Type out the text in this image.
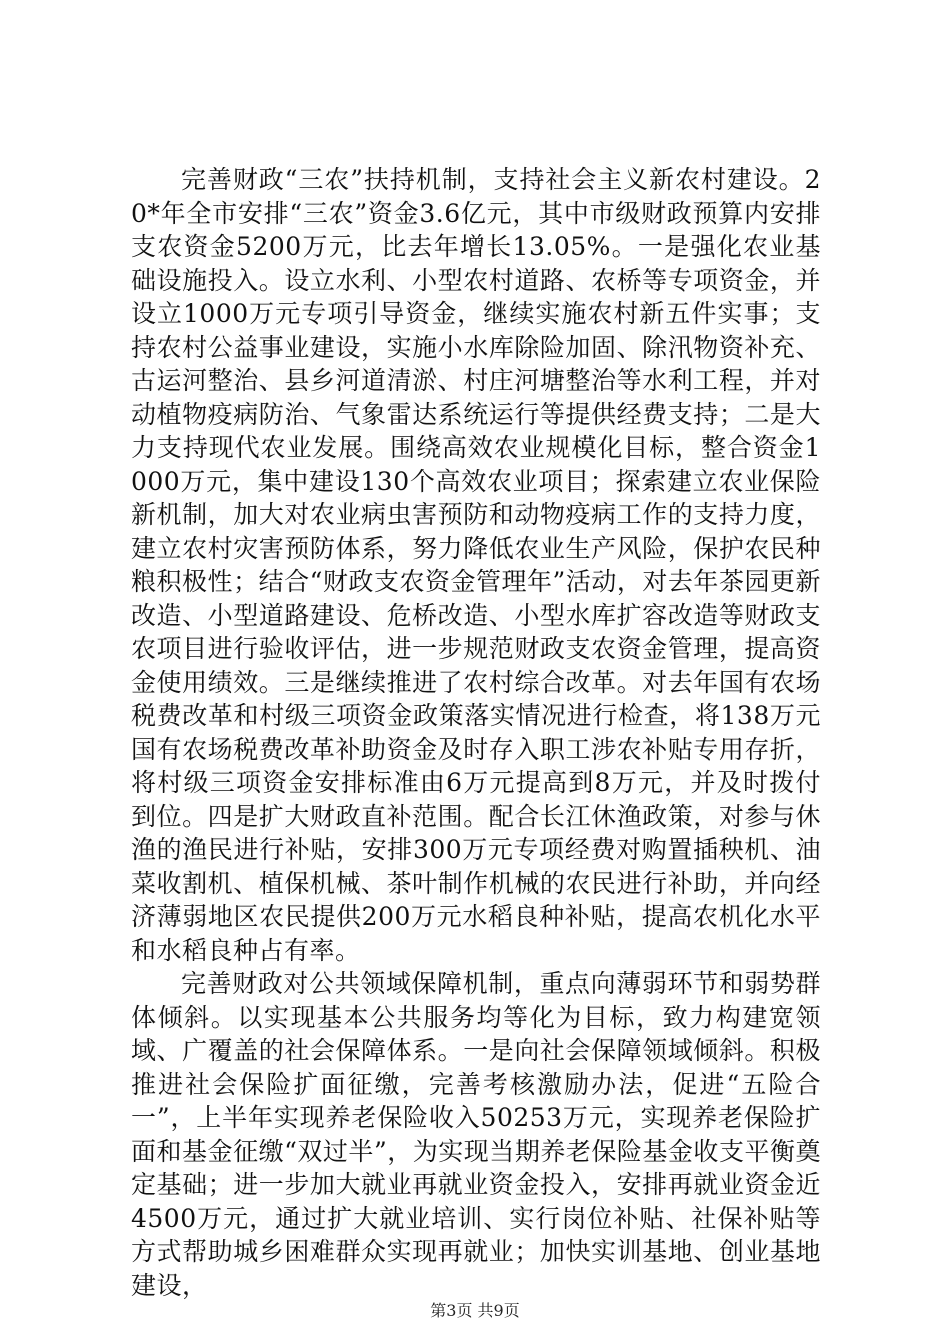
完善财政“三农”扶持机制，支持社会主义新农村建设。20*年全市安排“三农”资金3.6亿元，其中市级财政预算内安排支农资金5200万元，比去年增长13.05%。一是强化农业基础设施投入。设立水利、小型农村道路、农桥等专项资金，并设立1000万元专项引导资金，继续实施农村新五件实事；支持农村公益事业建设，实施小水库除险加固、除汛物资补充、古运河整治、县乡河道清淤、村庄河塘整治等水利工程，并对动植物疫病防治、气象雷达系统运行等提供经费支持；二是大力支持现代农业发展。围绕高效农业规模化目标，整合资金1000万元，集中建设130个高效农业项目；探索建立农业保险新机制，加大对农业病虫害预防和动物疫病工作的支持力度，建立农村灾害预防体系，努力降低农业生产风险，保护农民种粮积极性；结合“财政支农资金管理年”活动，对去年茶园更新改造、小型道路建设、危桥改造、小型水库扩容改造等财政支农项目进行验收评估，进一步规范财政支农资金管理，提高资金使用绩效。三是继续推进了农村综合改革。对去年国有农场税费改革和村级三项资金政策落实情况进行检查，将138万元国有农场税费改革补助资金及时存入职工涉农补贴专用存折，将村级三项资金安排标准由6万元提高到8万元，并及时拨付到位。四是扩大财政直补范围。配合长江休渔政策，对参与休渔的渔民进行补贴，安排300万元专项经费对购置插秧机、油菜收割机、植保机械、茶叶制作机械的农民进行补助，并向经济薄弱地区农民提供200万元水稻良种补贴，提高农机化水平和水稻良种占有率。

完善财政对公共领域保障机制，重点向薄弱环节和弱势群体倾斜。以实现基本公共服务均等化为目标，致力构建宽领域、广覆盖的社会保障体系。一是向社会保障领域倾斜。积极推进社会保险扩面征缴，完善考核激励办法，促进“五险合一”，上半年实现养老保险收入50253万元，实现养老保险扩面和基金征缴“双过半”，为实现当期养老保险基金收支平衡奠定基础；进一步加大就业再就业资金投入，安排再就业资金近4500万元，通过扩大就业培训、实行岗位补贴、社保补贴等方式帮助城乡困难群众实现再就业；加快实训基地、创业基地建设，

第3页 共9页
